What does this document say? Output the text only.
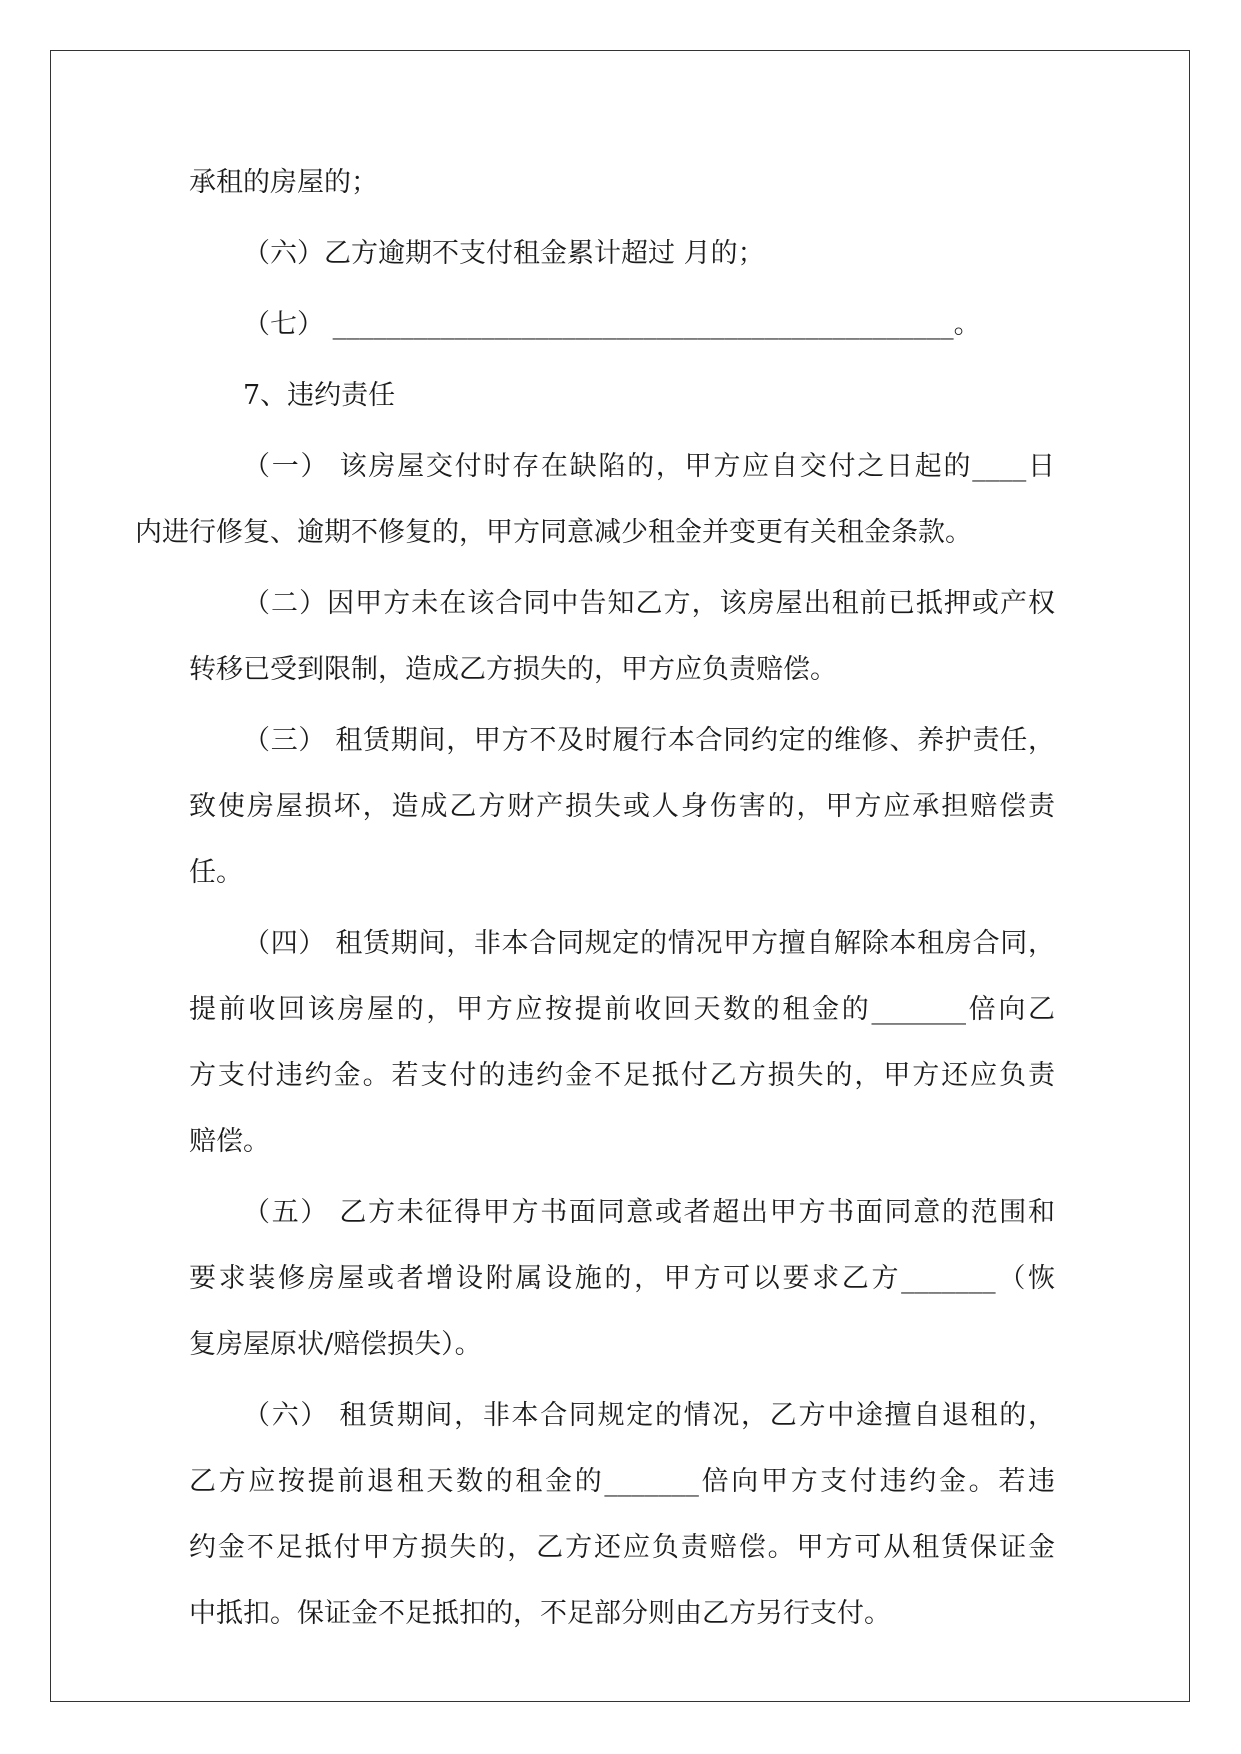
承租的房屋的；

（六）乙方逾期不支付租金累计超过 月的；

（七） ______________________________________________。

7、违约责任

（一） 该房屋交付时存在缺陷的，甲方应自交付之日起的____日
内进行修复、逾期不修复的，甲方同意减少租金并变更有关租金条款。

（二）因甲方未在该合同中告知乙方，该房屋出租前已抵押或产权
转移已受到限制，造成乙方损失的，甲方应负责赔偿。

（三） 租赁期间，甲方不及时履行本合同约定的维修、养护责任，
致使房屋损坏，造成乙方财产损失或人身伤害的，甲方应承担赔偿责
任。

（四） 租赁期间，非本合同规定的情况甲方擅自解除本租房合同，
提前收回该房屋的，甲方应按提前收回天数的租金的_______倍向乙
方支付违约金。若支付的违约金不足抵付乙方损失的，甲方还应负责
赔偿。

（五） 乙方未征得甲方书面同意或者超出甲方书面同意的范围和
要求装修房屋或者增设附属设施的，甲方可以要求乙方_______（恢
复房屋原状/赔偿损失）。

（六） 租赁期间，非本合同规定的情况，乙方中途擅自退租的，
乙方应按提前退租天数的租金的_______倍向甲方支付违约金。若违
约金不足抵付甲方损失的，乙方还应负责赔偿。甲方可从租赁保证金
中抵扣。保证金不足抵扣的，不足部分则由乙方另行支付。
